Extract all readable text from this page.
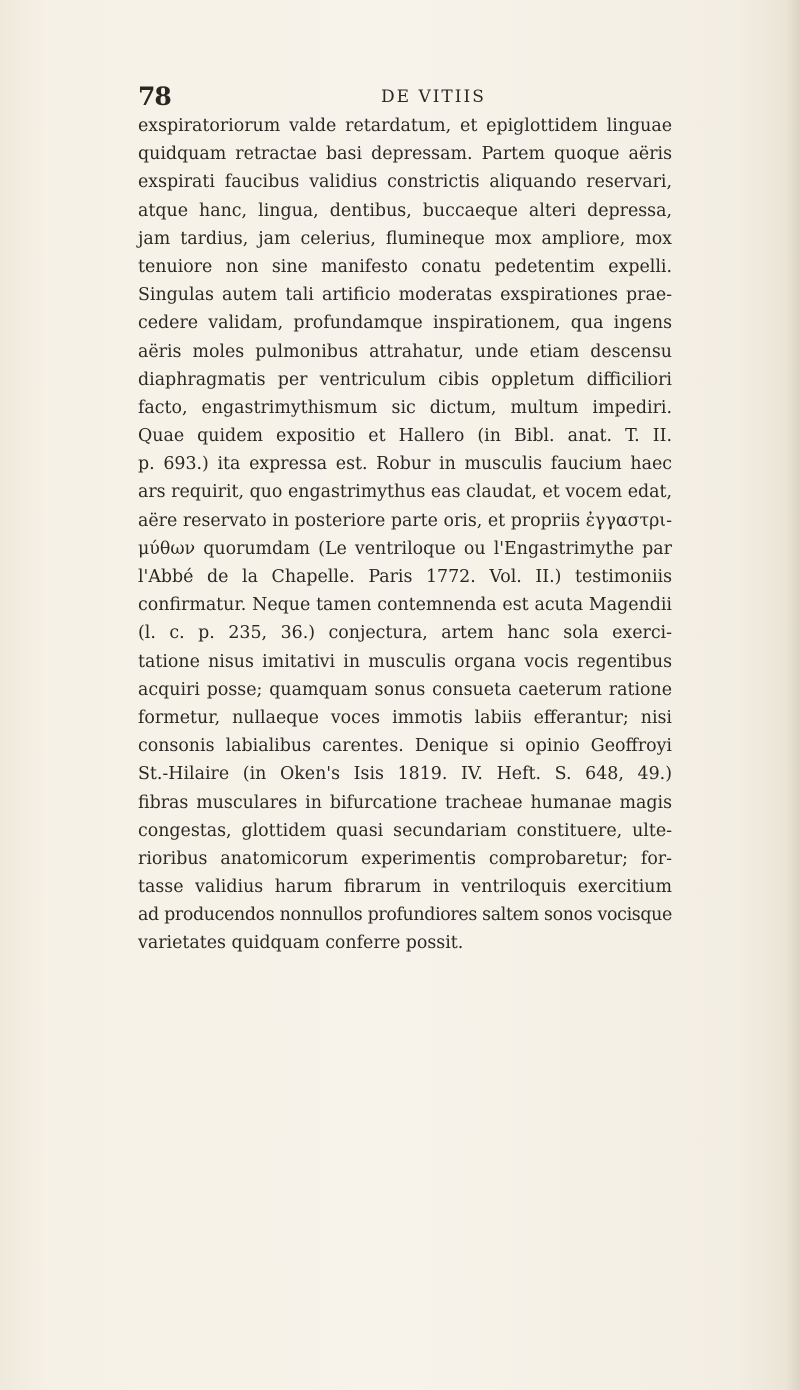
78	DE VITIIS
exspiratoriorum valde retardatum, et epiglottidem linguae
quidquam retractae basi depressam. Partem quoque aëris
exspirati faucibus validius constrictis aliquando reservari,
atque hanc, lingua, dentibus, buccaeque alteri depressa,
jam tardius, jam celerius, flumineque mox ampliore, mox
tenuiore non sine manifesto conatu pedetentim expelli.
Singulas autem tali artificio moderatas exspirationes prae-
cedere validam, profundamque inspirationem, qua ingens
aëris moles pulmonibus attrahatur, unde etiam descensu
diaphragmatis per ventriculum cibis oppletum difficiliori
facto, engastrimythismum sic dictum, multum impediri.
Quae quidem expositio et Hallero (in Bibl. anat. T. II.
p. 693.) ita expressa est. Robur in musculis faucium haec
ars requirit, quo engastrimythus eas claudat, et vocem edat,
aëre reservato in posteriore parte oris, et propriis ἐγγαστρι-
μύθων quorumdam (Le ventriloque ou l'Engastrimythe par
l'Abbé de la Chapelle. Paris 1772. Vol. II.) testimoniis
confirmatur. Neque tamen contemnenda est acuta Magendii
(l. c. p. 235, 36.) conjectura, artem hanc sola exerci-
tatione nisus imitativi in musculis organa vocis regentibus
acquiri posse; quamquam sonus consueta caeterum ratione
formetur, nullaeque voces immotis labiis efferantur; nisi
consonis labialibus carentes. Denique si opinio Geoffroyi
St.-Hilaire (in Oken's Isis 1819. IV. Heft. S. 648, 49.)
fibras musculares in bifurcatione tracheae humanae magis
congestas, glottidem quasi secundariam constituere, ulte-
rioribus anatomicorum experimentis comprobaretur; for-
tasse validius harum fibrarum in ventriloquis exercitium
ad producendos nonnullos profundiores saltem sonos vocisque
varietates quidquam conferre possit.
